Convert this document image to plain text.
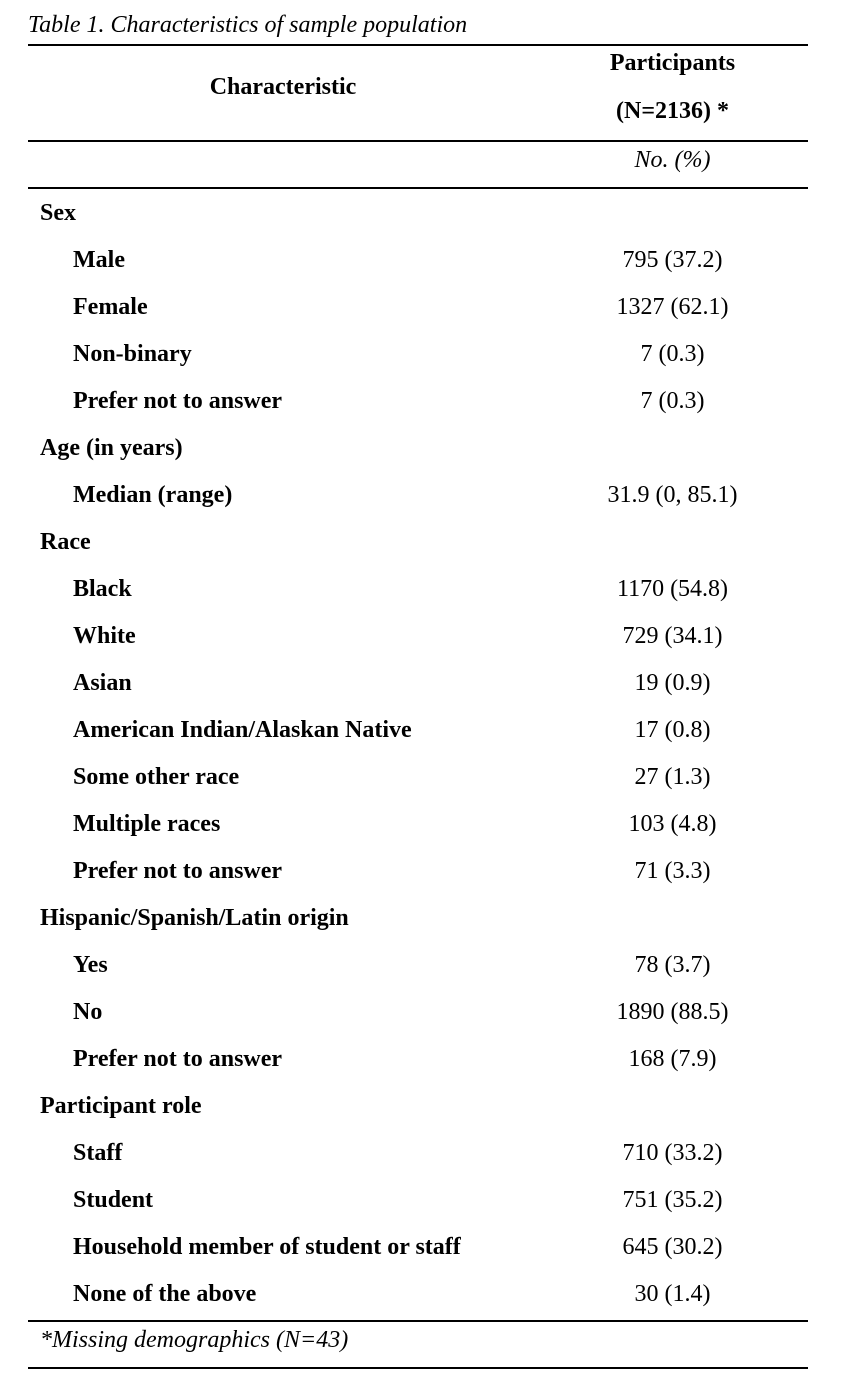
Table 1. Characteristics of sample population
Characteristic
Participants
(N=2136) *
No. (%)
Sex
Male	795 (37.2)
Female	1327 (62.1)
Non-binary	7 (0.3)
Prefer not to answer	7 (0.3)
Age (in years)
Median (range)	31.9 (0, 85.1)
Race
Black	1170 (54.8)
White	729 (34.1)
Asian	19 (0.9)
American Indian/Alaskan Native	17 (0.8)
Some other race	27 (1.3)
Multiple races	103 (4.8)
Prefer not to answer	71 (3.3)
Hispanic/Spanish/Latin origin
Yes	78 (3.7)
No	1890 (88.5)
Prefer not to answer	168 (7.9)
Participant role
Staff	710 (33.2)
Student	751 (35.2)
Household member of student or staff	645 (30.2)
None of the above	30 (1.4)
*Missing demographics (N=43)
